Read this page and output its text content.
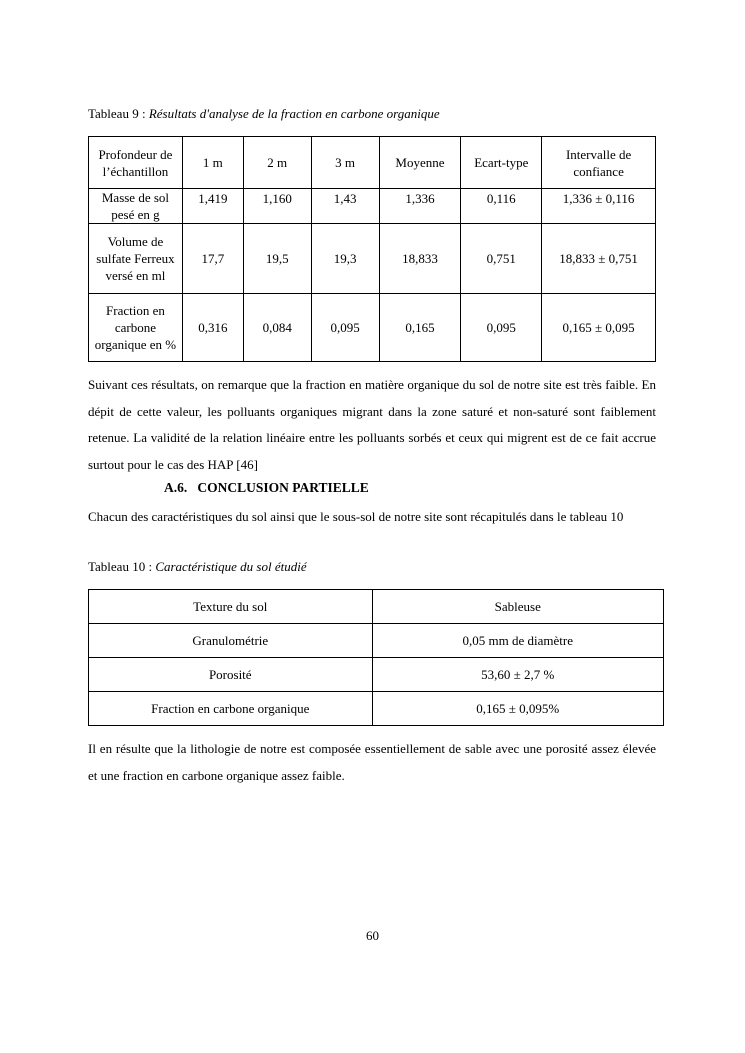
Tableau 9 : Résultats d'analyse de la fraction en carbone organique
Profondeur de l’échantillon	1 m	2 m	3 m	Moyenne	Ecart-type	Intervalle de confiance
Masse de sol pesé en g	1,419	1,160	1,43	1,336	0,116	1,336 ± 0,116
Volume de sulfate Ferreux versé en ml	17,7	19,5	19,3	18,833	0,751	18,833 ± 0,751
Fraction en carbone organique en %	0,316	0,084	0,095	0,165	0,095	0,165 ± 0,095
Suivant ces résultats, on remarque que la fraction en matière organique du sol de notre site est très faible. En dépit de cette valeur, les polluants organiques migrant dans la zone saturé et non-saturé sont faiblement retenue. La validité de la relation linéaire entre les polluants sorbés et ceux qui migrent est de ce fait accrue surtout pour le cas des HAP [46]
A.6.   CONCLUSION PARTIELLE
Chacun des caractéristiques du sol ainsi que le sous-sol de notre site sont récapitulés dans le tableau 10
Tableau 10 : Caractéristique du sol étudié
Texture du sol	Sableuse
Granulométrie	0,05 mm de diamètre
Porosité	53,60 ± 2,7 %
Fraction en carbone organique	0,165 ± 0,095%
Il en résulte que la lithologie de notre est composée essentiellement de sable avec une porosité assez élevée et une fraction en carbone organique assez faible.
60
